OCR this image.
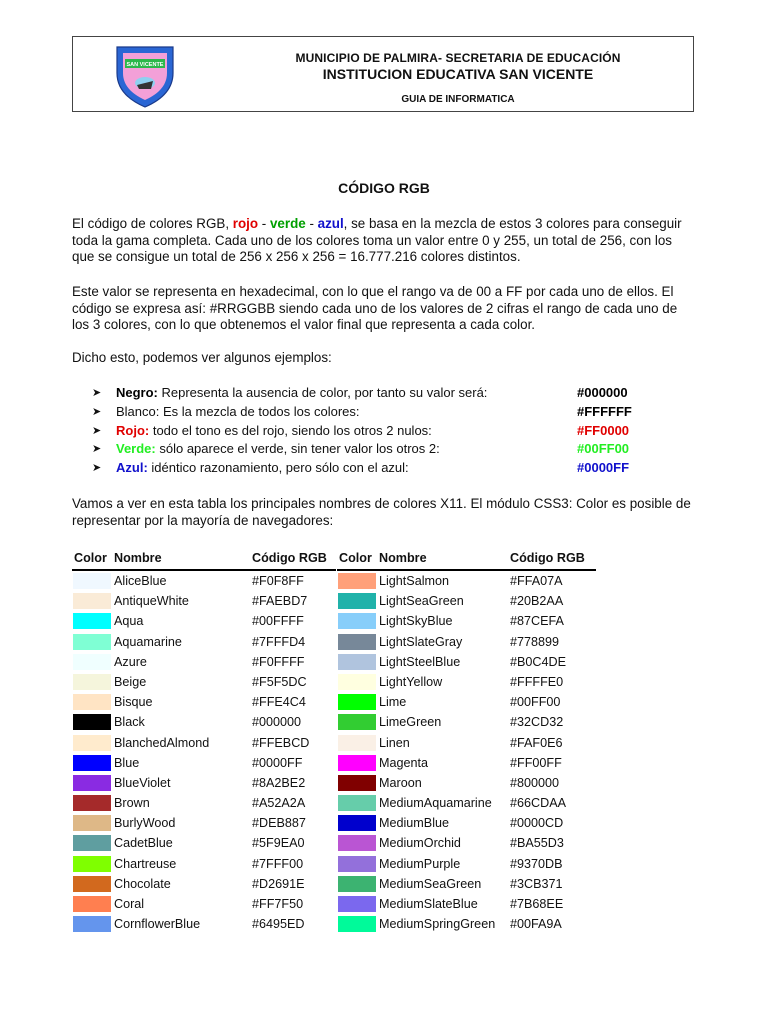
SAN VICENTE	MUNICIPIO DE PALMIRA- SECRETARIA DE EDUCACIÓN
INSTITUCION EDUCATIVA SAN VICENTE
GUIA DE INFORMATICA
CÓDIGO RGB
El código de colores RGB, rojo - verde - azul, se basa en la mezcla de estos 3 colores para conseguir toda la gama completa. Cada uno de los colores toma un valor entre 0 y 255, un total de 256, con los que se consigue un total de 256 x 256 x 256 = 16.777.216 colores distintos.
Este valor se representa en hexadecimal, con lo que el rango va de 00 a FF por cada uno de ellos. El código se expresa así: #RRGGBB siendo cada uno de los valores de 2 cifras el rango de cada uno de los 3 colores, con lo que obtenemos el valor final que representa a cada color.
Dicho esto, podemos ver algunos ejemplos:
➤ Negro: Representa la ausencia de color, por tanto su valor será:	#000000
➤ Blanco: Es la mezcla de todos los colores:	#FFFFFF
➤ Rojo: todo el tono es del rojo, siendo los otros 2 nulos:	#FF0000
➤ Verde: sólo aparece el verde, sin tener valor los otros 2:	#00FF00
➤ Azul: idéntico razonamiento, pero sólo con el azul:	#0000FF
Vamos a ver en esta tabla los principales nombres de colores X11. El módulo CSS3: Color es posible de representar por la mayoría de navegadores:
Color Nombre	Código RGB
AliceBlue	#F0F8FF
AntiqueWhite	#FAEBD7
Aqua	#00FFFF
Aquamarine	#7FFFD4
Azure	#F0FFFF
Beige	#F5F5DC
Bisque	#FFE4C4
Black	#000000
BlanchedAlmond	#FFEBCD
Blue	#0000FF
BlueViolet	#8A2BE2
Brown	#A52A2A
BurlyWood	#DEB887
CadetBlue	#5F9EA0
Chartreuse	#7FFF00
Chocolate	#D2691E
Coral	#FF7F50
CornflowerBlue	#6495ED
Color Nombre	Código RGB
LightSalmon	#FFA07A
LightSeaGreen	#20B2AA
LightSkyBlue	#87CEFA
LightSlateGray	#778899
LightSteelBlue	#B0C4DE
LightYellow	#FFFFE0
Lime	#00FF00
LimeGreen	#32CD32
Linen	#FAF0E6
Magenta	#FF00FF
Maroon	#800000
MediumAquamarine #66CDAA
MediumBlue	#0000CD
MediumOrchid	#BA55D3
MediumPurple	#9370DB
MediumSeaGreen #3CB371
MediumSlateBlue	#7B68EE
MediumSpringGreen #00FA9A
